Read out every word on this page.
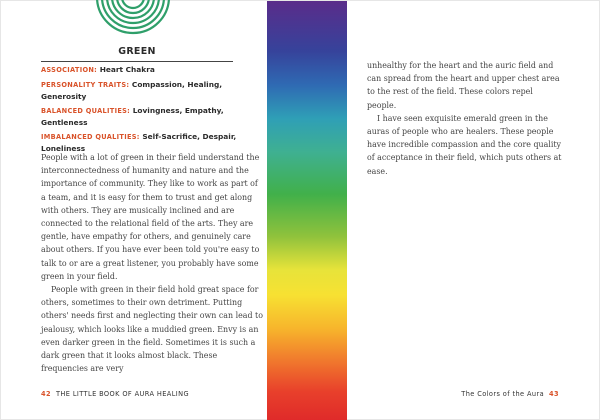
GREEN
ASSOCIATION: Heart Chakra
PERSONALITY TRAITS: Compassion, Healing, Generosity
BALANCED QUALITIES: Lovingness, Empathy, Gentleness
IMBALANCED QUALITIES: Self-Sacrifice, Despair, Loneliness

People with a lot of green in their field understand the interconnectedness of humanity and nature and the importance of community. They like to work as part of a team, and it is easy for them to trust and get along with others. They are musically inclined and are connected to the relational field of the arts. They are gentle, have empathy for others, and genuinely care about others. If you have ever been told you're easy to talk to or are a great listener, you probably have some green in your field.

People with green in their field hold great space for others, sometimes to their own detriment. Putting others' needs first and neglecting their own can lead to jealousy, which looks like a muddied green. Envy is an even darker green in the field. Sometimes it is such a dark green that it looks almost black. These frequencies are very

42 THE LITTLE BOOK OF AURA HEALING

unhealthy for the heart and the auric field and can spread from the heart and upper chest area to the rest of the field. These colors repel people.

I have seen exquisite emerald green in the auras of people who are healers. These people have incredible compassion and the core quality of acceptance in their field, which puts others at ease.

The Colors of the Aura 43
